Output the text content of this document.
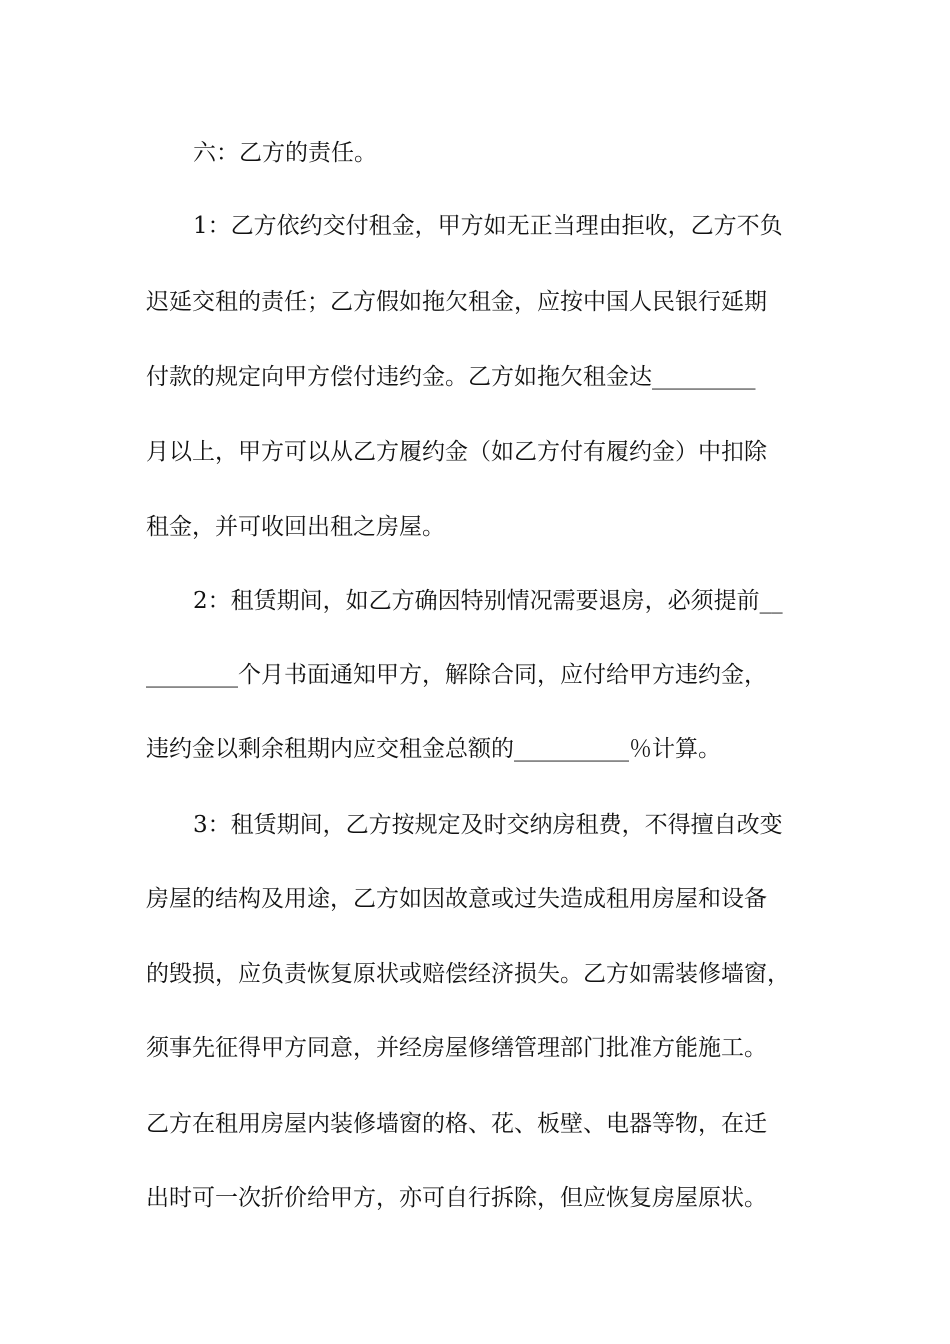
六：乙方的责任。
1：乙方依约交付租金，甲方如无正当理由拒收，乙方不负
迟延交租的责任；乙方假如拖欠租金，应按中国人民银行延期
付款的规定向甲方偿付违约金。乙方如拖欠租金达_________
月以上，甲方可以从乙方履约金（如乙方付有履约金）中扣除
租金，并可收回出租之房屋。
2：租赁期间，如乙方确因特别情况需要退房，必须提前__
________个月书面通知甲方，解除合同，应付给甲方违约金，
违约金以剩余租期内应交租金总额的__________％计算。
3：租赁期间，乙方按规定及时交纳房租费，不得擅自改变
房屋的结构及用途，乙方如因故意或过失造成租用房屋和设备
的毁损，应负责恢复原状或赔偿经济损失。乙方如需装修墙窗，
须事先征得甲方同意，并经房屋修缮管理部门批准方能施工。
乙方在租用房屋内装修墙窗的格、花、板壁、电器等物，在迁
出时可一次折价给甲方，亦可自行拆除，但应恢复房屋原状。
